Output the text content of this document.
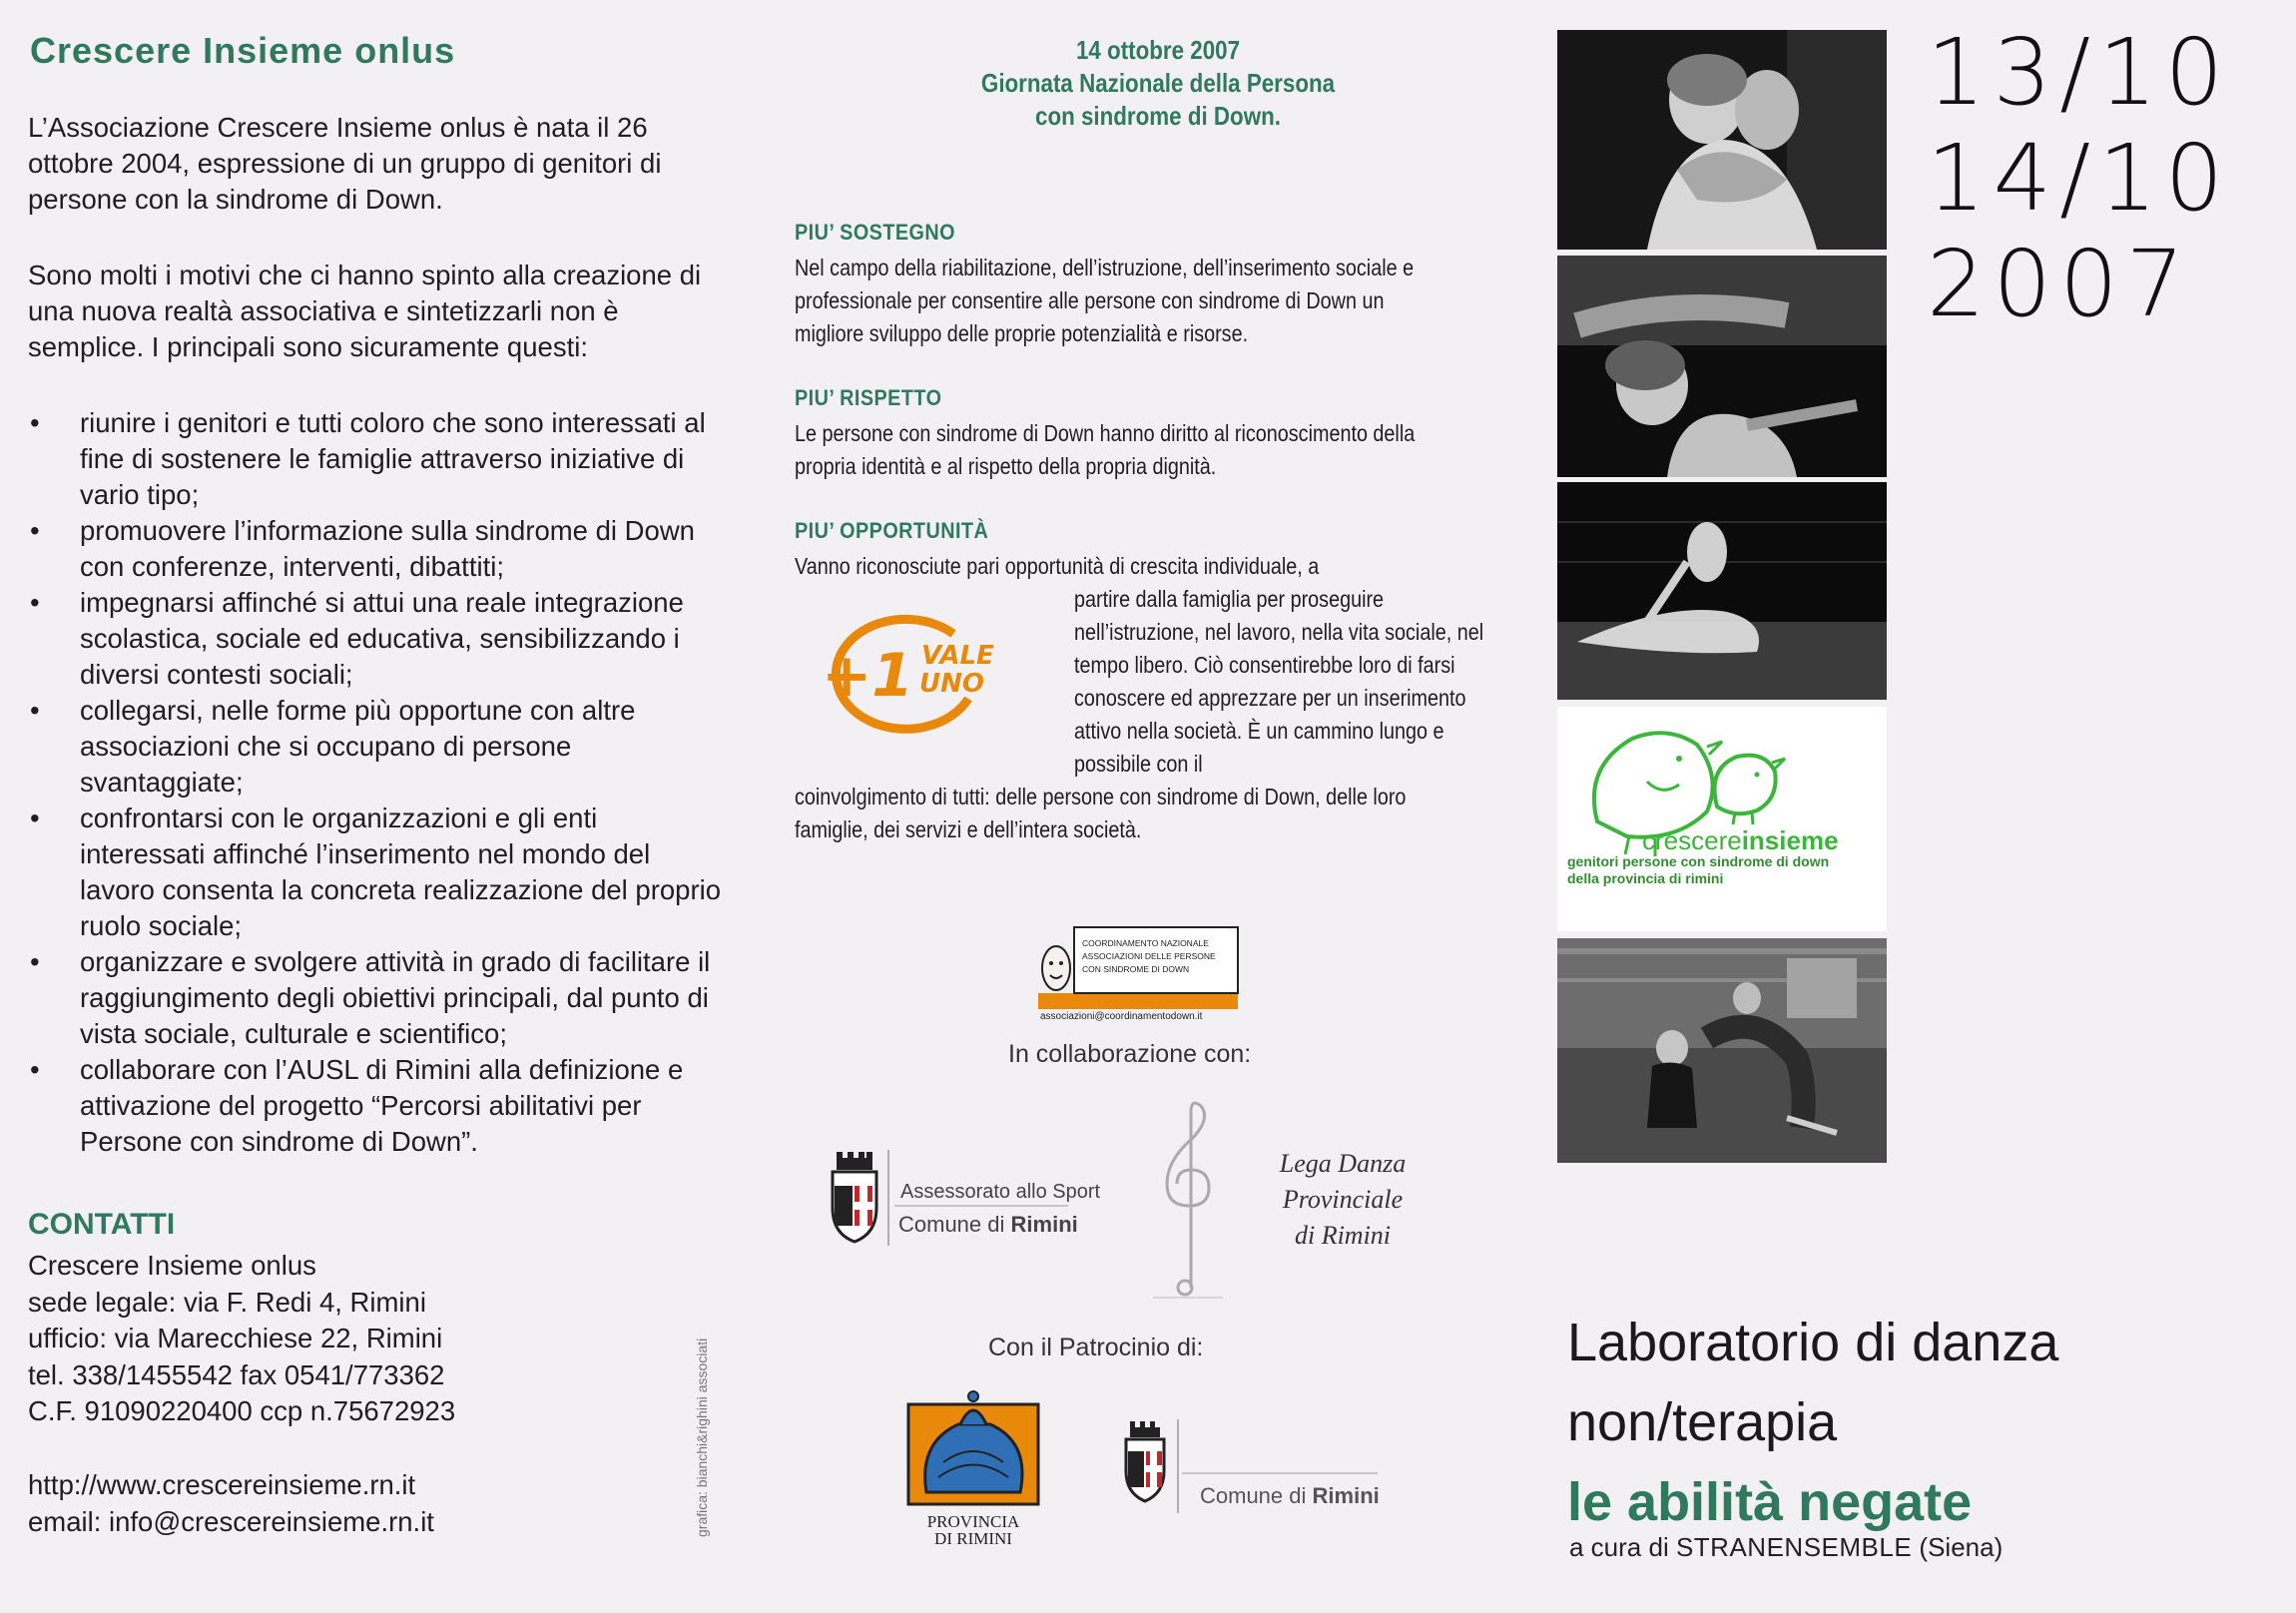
Crescere Insieme onlus
L’Associazione Crescere Insieme onlus è nata il 26 ottobre 2004, espressione di un gruppo di genitori di persone con la sindrome di Down.
Sono molti i motivi che ci hanno spinto alla creazione di una nuova realtà associativa e sintetizzarli non è semplice. I principali sono sicuramente questi:
• riunire i genitori e tutti coloro che sono interessati al fine di sostenere le famiglie attraverso iniziative di vario tipo;
• promuovere l’informazione sulla sindrome di Down con conferenze, interventi, dibattiti;
• impegnarsi affinché si attui una reale integrazione scolastica, sociale ed educativa, sensibilizzando i diversi contesti sociali;
• collegarsi, nelle forme più opportune con altre associazioni che si occupano di persone svantaggiate;
• confrontarsi con le organizzazioni e gli enti interessati affinché l’inserimento nel mondo del lavoro consenta la concreta realizzazione del proprio ruolo sociale;
• organizzare e svolgere attività in grado di facilitare il raggiungimento degli obiettivi principali, dal punto di vista sociale, culturale e scientifico;
• collaborare con l’AUSL di Rimini alla definizione e attivazione del progetto “Percorsi abilitativi per Persone con sindrome di Down”.
CONTATTI
Crescere Insieme onlus
sede legale: via F. Redi 4, Rimini
ufficio: via Marecchiese 22, Rimini
tel. 338/1455542 fax 0541/773362
C.F. 91090220400 ccp n.75672923
http://www.crescereinsieme.rn.it
email: info@crescereinsieme.rn.it	grafica: bianchi&righini associati
14 ottobre 2007
Giornata Nazionale della Persona
con sindrome di Down.
PIU’ SOSTEGNO
Nel campo della riabilitazione, dell’istruzione, dell’inserimento sociale e professionale per consentire alle persone con sindrome di Down un migliore sviluppo delle proprie potenzialità e risorse.
PIU’ RISPETTO
Le persone con sindrome di Down hanno diritto al riconoscimento della propria identità e al rispetto della propria dignità.
PIU’ OPPORTUNITÀ
Vanno riconosciute pari opportunità di crescita individuale, a
partire dalla famiglia per proseguire nell’istruzione, nel lavoro, nella vita sociale, nel tempo libero. Ciò consentirebbe loro di farsi conoscere ed apprezzare per un inserimento attivo nella società. È un cammino lungo e possibile con il
coinvolgimento di tutti: delle persone con sindrome di Down, delle loro famiglie, dei servizi e dell’intera società.
+1 VALE
UNO
COORDINAMENTO NAZIONALE
ASSOCIAZIONI DELLE PERSONE
CON SINDROME DI DOWN
associazioni@coordinamentodown.it
In collaborazione con:
Assessorato allo Sport
Comune di Rimini
Lega Danza
Provinciale
di Rimini
Con il Patrocinio di:
PROVINCIA
DI RIMINI
Comune di Rimini
crescereinsieme
genitori persone con sindrome di down
della provincia di rimini
13/10
14/10
2007
Laboratorio di danza
non/terapia
le abilità negate
a cura di STRANENSEMBLE (Siena)
